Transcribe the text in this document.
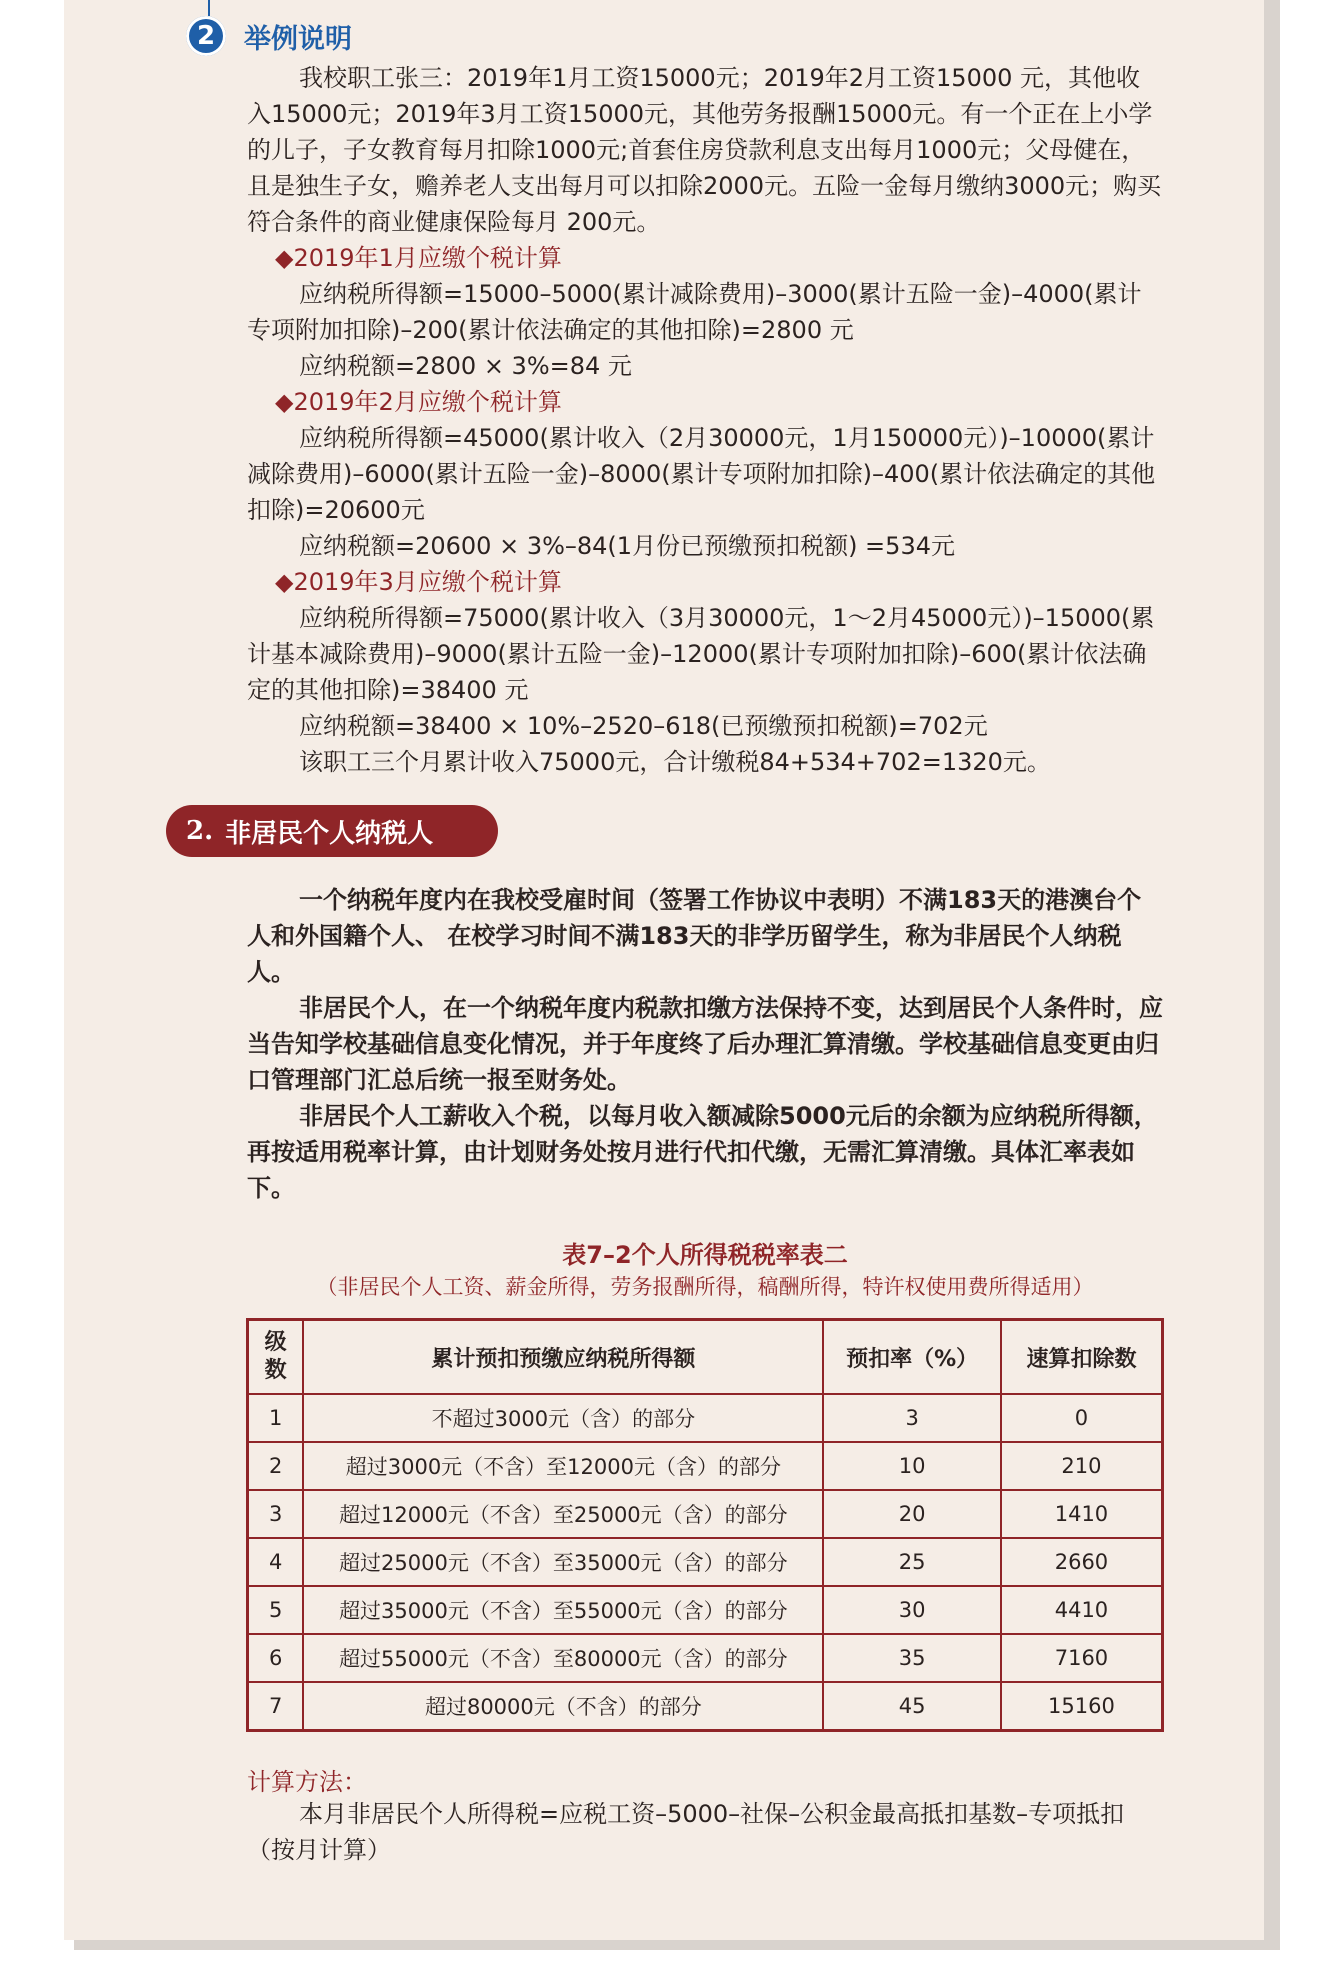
2	举例说明

我校职工张三：2019年1月工资15000元；2019年2月工资15000 元，其他收入15000元；2019年3月工资15000元，其他劳务报酬15000元。有一个正在上小学的儿子，子女教育每月扣除1000元;首套住房贷款利息支出每月1000元；父母健在，且是独生子女，赡养老人支出每月可以扣除2000元。五险一金每月缴纳3000元；购买符合条件的商业健康保险每月 200元。

◆2019年1月应缴个税计算

应纳税所得额=15000–5000(累计减除费用)–3000(累计五险一金)–4000(累计专项附加扣除)–200(累计依法确定的其他扣除)=2800 元

应纳税额=2800 × 3%=84 元

◆2019年2月应缴个税计算

应纳税所得额=45000(累计收入（2月30000元，1月150000元）)–10000(累计减除费用)–6000(累计五险一金)–8000(累计专项附加扣除)–400(累计依法确定的其他扣除)=20600元

应纳税额=20600 × 3%–84(1月份已预缴预扣税额) =534元

◆2019年3月应缴个税计算

应纳税所得额=75000(累计收入（3月30000元，1～2月45000元）)–15000(累计基本减除费用)–9000(累计五险一金)–12000(累计专项附加扣除)–600(累计依法确定的其他扣除)=38400 元

应纳税额=38400 × 10%–2520–618(已预缴预扣税额)=702元

该职工三个月累计收入75000元，合计缴税84+534+702=1320元。

2. 非居民个人纳税人

一个纳税年度内在我校受雇时间（签署工作协议中表明）不满183天的港澳台个人和外国籍个人、 在校学习时间不满183天的非学历留学生，称为非居民个人纳税人。

非居民个人，在一个纳税年度内税款扣缴方法保持不变，达到居民个人条件时，应当告知学校基础信息变化情况，并于年度终了后办理汇算清缴。学校基础信息变更由归口管理部门汇总后统一报至财务处。

非居民个人工薪收入个税，以每月收入额减除5000元后的余额为应纳税所得额，再按适用税率计算，由计划财务处按月进行代扣代缴，无需汇算清缴。具体汇率表如下。

表7–2个人所得税税率表二
（非居民个人工资、薪金所得，劳务报酬所得，稿酬所得，特许权使用费所得适用）
级
数	累计预扣预缴应纳税所得额	预扣率（%）	速算扣除数
1	不超过3000元（含）的部分	3	0
2	超过3000元（不含）至12000元（含）的部分	10	210
3	超过12000元（不含）至25000元（含）的部分	20	1410
4	超过25000元（不含）至35000元（含）的部分	25	2660
5	超过35000元（不含）至55000元（含）的部分	30	4410
6	超过55000元（不含）至80000元（含）的部分	35	7160
7	超过80000元（不含）的部分	45	15160
计算方法：

本月非居民个人所得税=应税工资–5000–社保–公积金最高抵扣基数–专项抵扣（按月计算）
